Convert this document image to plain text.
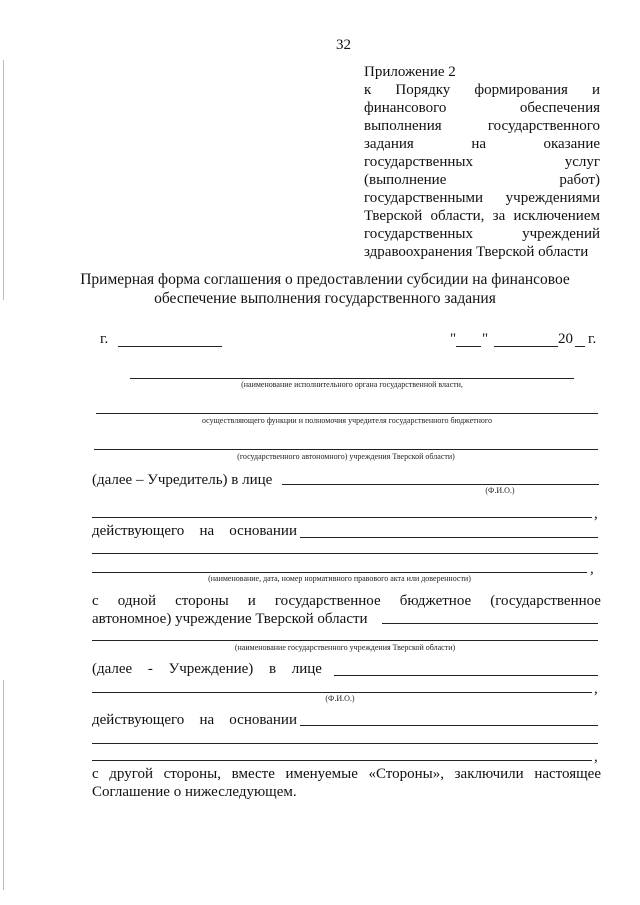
32
Приложение 2
к Порядку формирования и
финансового	обеспечения
выполнения	государственного
задания	на	оказание
государственных	услуг
(выполнение	работ)
государственными учреждениями
Тверской области, за исключением
государственных	учреждений
здравоохранения Тверской области
Примерная форма соглашения о предоставлении субсидии на финансовое
обеспечение выполнения государственного задания
г.	" "	20 г.
(наименование исполнительного органа государственной власти,
осуществляющего функции и полномочия учредителя государственного бюджетного
(государственного автономного) учреждения Тверской области)
(далее – Учредитель) в лице
(Ф.И.О.)
,
действующего на основании
,
(наименование, дата, номер нормативного правового акта или доверенности)
с одной стороны и государственное бюджетное (государственное
автономное) учреждение Тверской области
(наименование государственного учреждения Тверской области)
(далее - Учреждение) в лице
,
(Ф.И.О.)
действующего на основании
,
с другой стороны, вместе именуемые «Стороны», заключили настоящее
Соглашение о нижеследующем.
